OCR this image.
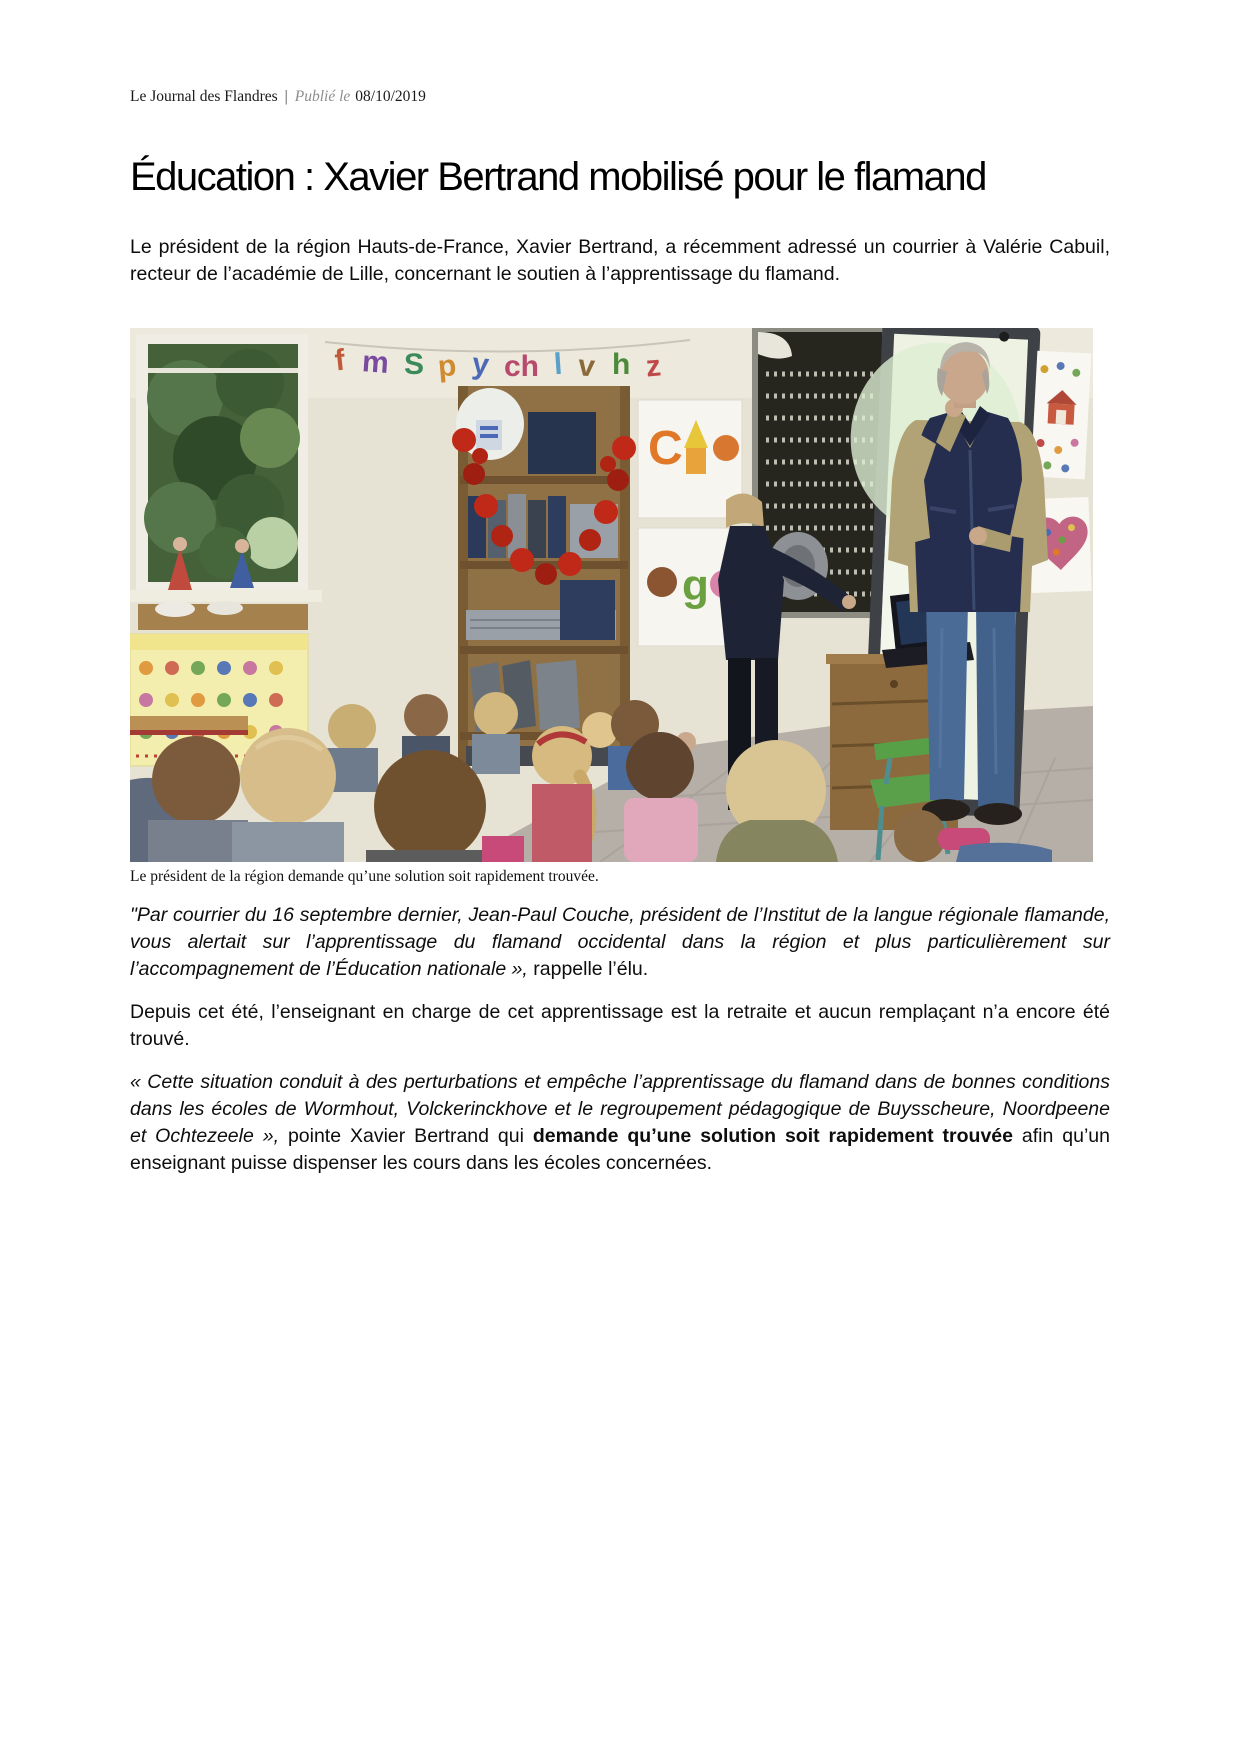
Le Journal des Flandres | Publié le 08/10/2019
Éducation : Xavier Bertrand mobilisé pour le flamand

Le président de la région Hauts-de-France, Xavier Bertrand, a récemment adressé un courrier à Valérie Cabuil, recteur de l’académie de Lille, concernant le soutien à l’apprentissage du flamand.

f m S p y ch l v h z
C
g
Le président de la région demande qu’une solution soit rapidement trouvée.

"Par courrier du 16 septembre dernier, Jean-Paul Couche, président de l’Institut de la langue régionale flamande, vous alertait sur l’apprentissage du flamand occidental dans la région et plus particulièrement sur l’accompagnement de l’Éducation nationale », rappelle l’élu.

Depuis cet été, l’enseignant en charge de cet apprentissage est la retraite et aucun remplaçant n’a encore été trouvé.

« Cette situation conduit à des perturbations et empêche l’apprentissage du flamand dans de bonnes conditions dans les écoles de Wormhout, Volckerinckhove et le regroupement pédagogique de Buysscheure, Noordpeene et Ochtezeele », pointe Xavier Bertrand qui demande qu’une solution soit rapidement trouvée afin qu’un enseignant puisse dispenser les cours dans les écoles concernées.
